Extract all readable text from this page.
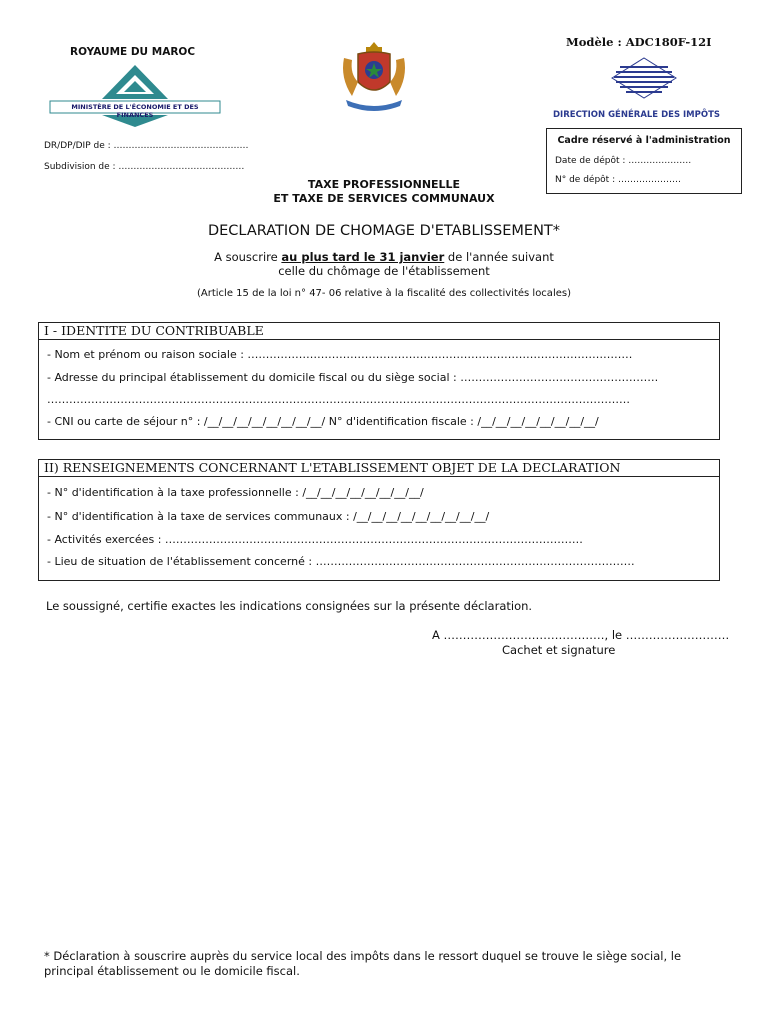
ROYAUME DU MAROC
MINISTÈRE DE L'ÉCONOMIE ET DES FINANCES
Modèle : ADC180F-12I
DIRECTION GÉNÉRALE DES IMPÔTS
DR/DP/DIP de : ………………………………………
Subdivision de : ……………………………………
Cadre réservé à l'administration
Date de dépôt : …………………
N° de dépôt : …………………
TAXE PROFESSIONNELLE
ET TAXE DE SERVICES COMMUNAUX
DECLARATION DE CHOMAGE D'ETABLISSEMENT*
A souscrire au plus tard le 31 janvier de l'année suivant
celle du chômage de l'établissement
(Article 15 de la loi n° 47- 06 relative à la fiscalité des collectivités locales)
I - IDENTITE DU CONTRIBUABLE
- Nom et prénom ou raison sociale : ……………………………………………………………………………………………
- Adresse du principal établissement du domicile fiscal ou du siège social : ………………………………………………
……………………………………………………………………………………………………………………………………………
- CNI ou carte de séjour n° : /__/__/__/__/__/__/__/__/ N° d'identification fiscale : /__/__/__/__/__/__/__/__/
II) RENSEIGNEMENTS CONCERNANT L'ETABLISSEMENT OBJET DE LA DECLARATION
- N° d'identification à la taxe professionnelle : /__/__/__/__/__/__/__/__/
- N° d'identification à la taxe de services communaux : /__/__/__/__/__/__/__/__/__/
- Activités exercées : ……………………………………………………………………………………………………
- Lieu de situation de l'établissement concerné : ……………………………………………………………………………
Le soussigné, certifie exactes les indications consignées sur la présente déclaration.
A ……………………………………, le ………………………
Cachet et signature
* Déclaration à souscrire auprès du service local des impôts dans le ressort duquel se trouve le siège social, le
principal établissement ou le domicile fiscal.
